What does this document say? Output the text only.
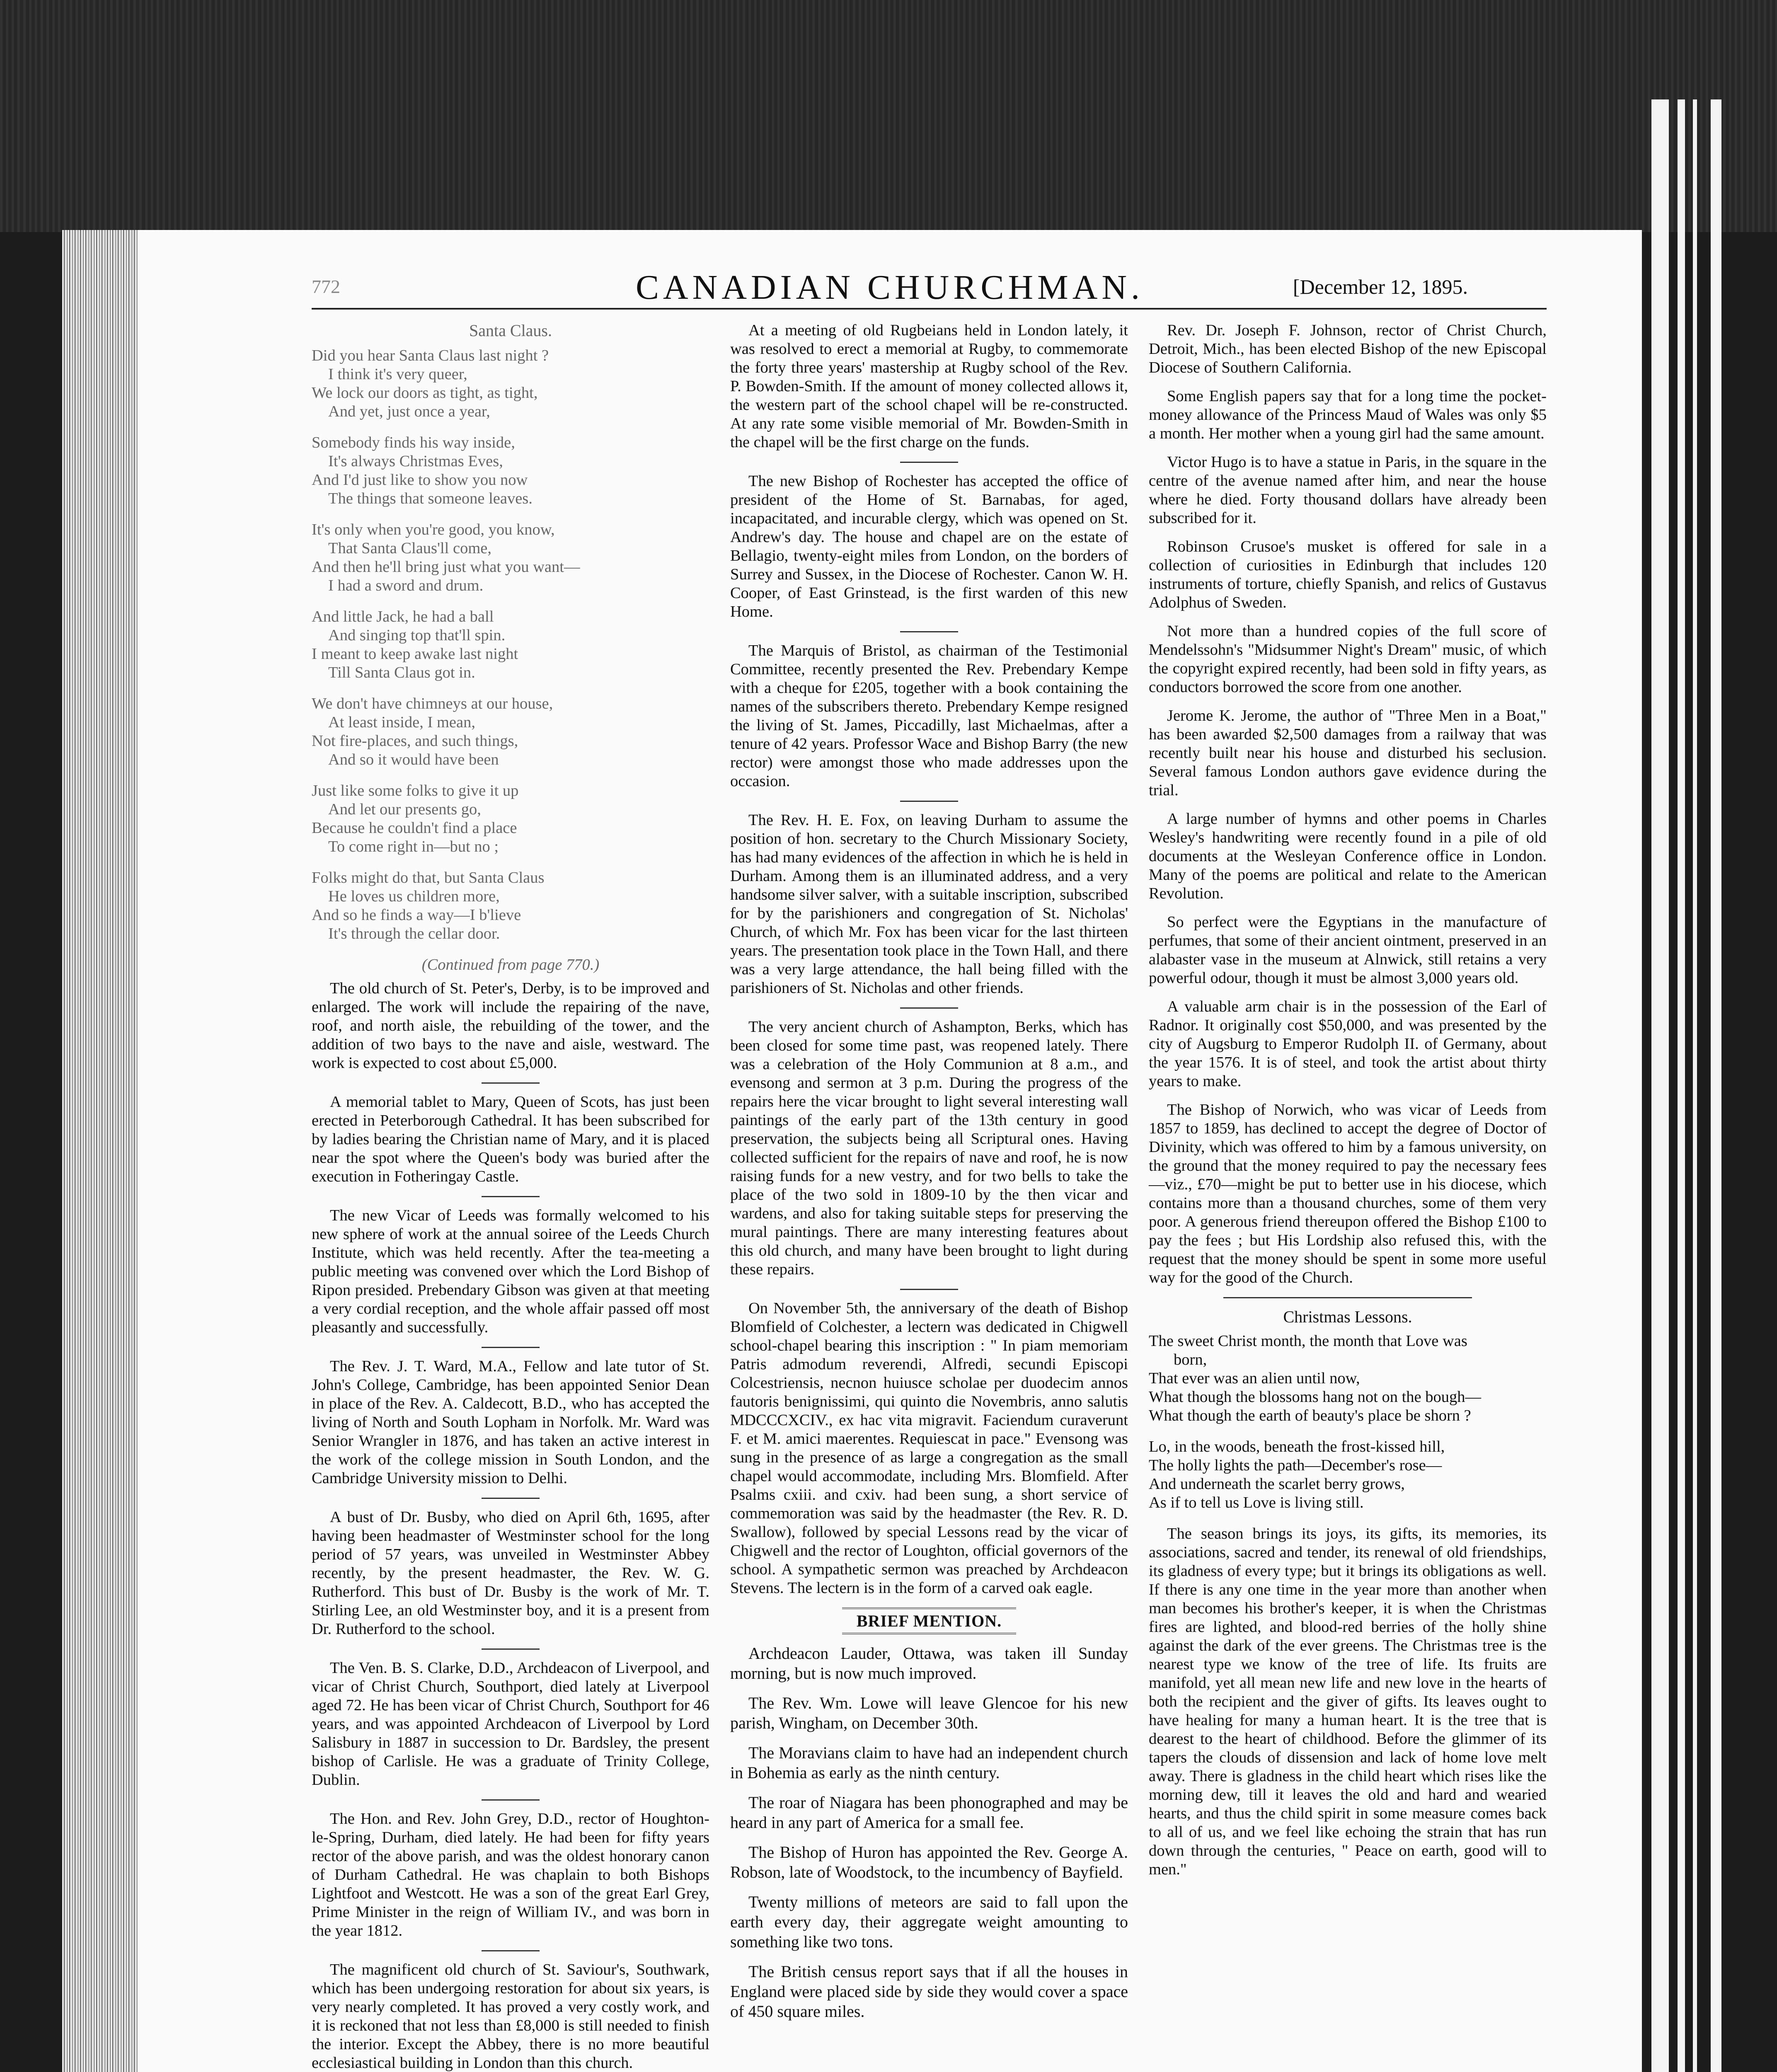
772	CANADIAN CHURCHMAN.	[December 12, 1895.
Santa Claus.
Did you hear Santa Claus last night ?
I think it's very queer,
We lock our doors as tight, as tight,
And yet, just once a year,
Somebody finds his way inside,
It's always Christmas Eves,
And I'd just like to show you now
The things that someone leaves.
It's only when you're good, you know,
That Santa Claus'll come,
And then he'll bring just what you want—
I had a sword and drum.
And little Jack, he had a ball
And singing top that'll spin.
I meant to keep awake last night
Till Santa Claus got in.
We don't have chimneys at our house,
At least inside, I mean,
Not fire-places, and such things,
And so it would have been
Just like some folks to give it up
And let our presents go,
Because he couldn't find a place
To come right in—but no ;
Folks might do that, but Santa Claus
He loves us children more,
And so he finds a way—I b'lieve
It's through the cellar door.
(Continued from page 770.)

The old church of St. Peter's, Derby, is to be improved and enlarged. The work will include the repairing of the nave, roof, and north aisle, the rebuilding of the tower, and the addition of two bays to the nave and aisle, westward. The work is expected to cost about £5,000.

A memorial tablet to Mary, Queen of Scots, has just been erected in Peterborough Cathedral. It has been subscribed for by ladies bearing the Christian name of Mary, and it is placed near the spot where the Queen's body was buried after the execution in Fotheringay Castle.

The new Vicar of Leeds was formally welcomed to his new sphere of work at the annual soiree of the Leeds Church Institute, which was held recently. After the tea-meeting a public meeting was convened over which the Lord Bishop of Ripon presided. Prebendary Gibson was given at that meeting a very cordial reception, and the whole affair passed off most pleasantly and successfully.

The Rev. J. T. Ward, M.A., Fellow and late tutor of St. John's College, Cambridge, has been appointed Senior Dean in place of the Rev. A. Caldecott, B.D., who has accepted the living of North and South Lopham in Norfolk. Mr. Ward was Senior Wrangler in 1876, and has taken an active interest in the work of the college mission in South London, and the Cambridge University mission to Delhi.

A bust of Dr. Busby, who died on April 6th, 1695, after having been headmaster of Westminster school for the long period of 57 years, was unveiled in Westminster Abbey recently, by the present headmaster, the Rev. W. G. Rutherford. This bust of Dr. Busby is the work of Mr. T. Stirling Lee, an old Westminster boy, and it is a present from Dr. Rutherford to the school.

The Ven. B. S. Clarke, D.D., Archdeacon of Liverpool, and vicar of Christ Church, Southport, died lately at Liverpool aged 72. He has been vicar of Christ Church, Southport for 46 years, and was appointed Archdeacon of Liverpool by Lord Salisbury in 1887 in succession to Dr. Bardsley, the present bishop of Carlisle. He was a graduate of Trinity College, Dublin.

The Hon. and Rev. John Grey, D.D., rector of Houghton-le-Spring, Durham, died lately. He had been for fifty years rector of the above parish, and was the oldest honorary canon of Durham Cathedral. He was chaplain to both Bishops Lightfoot and Westcott. He was a son of the great Earl Grey, Prime Minister in the reign of William IV., and was born in the year 1812.

The magnificent old church of St. Saviour's, Southwark, which has been undergoing restoration for about six years, is very nearly completed. It has proved a very costly work, and it is reckoned that not less than £8,000 is still needed to finish the interior. Except the Abbey, there is no more beautiful ecclesiastical building in London than this church.

At a meeting of old Rugbeians held in London lately, it was resolved to erect a memorial at Rugby, to commemorate the forty three years' mastership at Rugby school of the Rev. P. Bowden-Smith. If the amount of money collected allows it, the western part of the school chapel will be re-constructed. At any rate some visible memorial of Mr. Bowden-Smith in the chapel will be the first charge on the funds.

The new Bishop of Rochester has accepted the office of president of the Home of St. Barnabas, for aged, incapacitated, and incurable clergy, which was opened on St. Andrew's day. The house and chapel are on the estate of Bellagio, twenty-eight miles from London, on the borders of Surrey and Sussex, in the Diocese of Rochester. Canon W. H. Cooper, of East Grinstead, is the first warden of this new Home.

The Marquis of Bristol, as chairman of the Testimonial Committee, recently presented the Rev. Prebendary Kempe with a cheque for £205, together with a book containing the names of the subscribers thereto. Prebendary Kempe resigned the living of St. James, Piccadilly, last Michaelmas, after a tenure of 42 years. Professor Wace and Bishop Barry (the new rector) were amongst those who made addresses upon the occasion.

The Rev. H. E. Fox, on leaving Durham to assume the position of hon. secretary to the Church Missionary Society, has had many evidences of the affection in which he is held in Durham. Among them is an illuminated address, and a very handsome silver salver, with a suitable inscription, subscribed for by the parishioners and congregation of St. Nicholas' Church, of which Mr. Fox has been vicar for the last thirteen years. The presentation took place in the Town Hall, and there was a very large attendance, the hall being filled with the parishioners of St. Nicholas and other friends.

The very ancient church of Ashampton, Berks, which has been closed for some time past, was reopened lately. There was a celebration of the Holy Communion at 8 a.m., and evensong and sermon at 3 p.m. During the progress of the repairs here the vicar brought to light several interesting wall paintings of the early part of the 13th century in good preservation, the subjects being all Scriptural ones. Having collected sufficient for the repairs of nave and roof, he is now raising funds for a new vestry, and for two bells to take the place of the two sold in 1809-10 by the then vicar and wardens, and also for taking suitable steps for preserving the mural paintings. There are many interesting features about this old church, and many have been brought to light during these repairs.

On November 5th, the anniversary of the death of Bishop Blomfield of Colchester, a lectern was dedicated in Chigwell school-chapel bearing this inscription : " In piam memoriam Patris admodum reverendi, Alfredi, secundi Episcopi Colcestriensis, necnon huiusce scholae per duodecim annos fautoris benignissimi, qui quinto die Novembris, anno salutis MDCCCXCIV., ex hac vita migravit. Faciendum curaverunt F. et M. amici maerentes. Requiescat in pace." Evensong was sung in the presence of as large a congregation as the small chapel would accommodate, including Mrs. Blomfield. After Psalms cxiii. and cxiv. had been sung, a short service of commemoration was said by the headmaster (the Rev. R. D. Swallow), followed by special Lessons read by the vicar of Chigwell and the rector of Loughton, official governors of the school. A sympathetic sermon was preached by Archdeacon Stevens. The lectern is in the form of a carved oak eagle.

BRIEF MENTION.

Archdeacon Lauder, Ottawa, was taken ill Sunday morning, but is now much improved.

The Rev. Wm. Lowe will leave Glencoe for his new parish, Wingham, on December 30th.

The Moravians claim to have had an independent church in Bohemia as early as the ninth century.

The roar of Niagara has been phonographed and may be heard in any part of America for a small fee.

The Bishop of Huron has appointed the Rev. George A. Robson, late of Woodstock, to the incumbency of Bayfield.

Twenty millions of meteors are said to fall upon the earth every day, their aggregate weight amounting to something like two tons.

The British census report says that if all the houses in England were placed side by side they would cover a space of 450 square miles.

Rev. Dr. Joseph F. Johnson, rector of Christ Church, Detroit, Mich., has been elected Bishop of the new Episcopal Diocese of Southern California.

Some English papers say that for a long time the pocket-money allowance of the Princess Maud of Wales was only $5 a month. Her mother when a young girl had the same amount.

Victor Hugo is to have a statue in Paris, in the square in the centre of the avenue named after him, and near the house where he died. Forty thousand dollars have already been subscribed for it.

Robinson Crusoe's musket is offered for sale in a collection of curiosities in Edinburgh that includes 120 instruments of torture, chiefly Spanish, and relics of Gustavus Adolphus of Sweden.

Not more than a hundred copies of the full score of Mendelssohn's "Midsummer Night's Dream" music, of which the copyright expired recently, had been sold in fifty years, as conductors borrowed the score from one another.

Jerome K. Jerome, the author of "Three Men in a Boat," has been awarded $2,500 damages from a railway that was recently built near his house and disturbed his seclusion. Several famous London authors gave evidence during the trial.

A large number of hymns and other poems in Charles Wesley's handwriting were recently found in a pile of old documents at the Wesleyan Conference office in London. Many of the poems are political and relate to the American Revolution.

So perfect were the Egyptians in the manufacture of perfumes, that some of their ancient ointment, preserved in an alabaster vase in the museum at Alnwick, still retains a very powerful odour, though it must be almost 3,000 years old.

A valuable arm chair is in the possession of the Earl of Radnor. It originally cost $50,000, and was presented by the city of Augsburg to Emperor Rudolph II. of Germany, about the year 1576. It is of steel, and took the artist about thirty years to make.

The Bishop of Norwich, who was vicar of Leeds from 1857 to 1859, has declined to accept the degree of Doctor of Divinity, which was offered to him by a famous university, on the ground that the money required to pay the necessary fees—viz., £70—might be put to better use in his diocese, which contains more than a thousand churches, some of them very poor. A generous friend thereupon offered the Bishop £100 to pay the fees ; but His Lordship also refused this, with the request that the money should be spent in some more useful way for the good of the Church.

Christmas Lessons.
The sweet Christ month, the month that Love was
born,
That ever was an alien until now,
What though the blossoms hang not on the bough—
What though the earth of beauty's place be shorn ?
Lo, in the woods, beneath the frost-kissed hill,
The holly lights the path—December's rose—
And underneath the scarlet berry grows,
As if to tell us Love is living still.

The season brings its joys, its gifts, its memories, its associations, sacred and tender, its renewal of old friendships, its gladness of every type; but it brings its obligations as well. If there is any one time in the year more than another when man becomes his brother's keeper, it is when the Christmas fires are lighted, and blood-red berries of the holly shine against the dark of the ever greens. The Christmas tree is the nearest type we know of the tree of life. Its fruits are manifold, yet all mean new life and new love in the hearts of both the recipient and the giver of gifts. Its leaves ought to have healing for many a human heart. It is the tree that is dearest to the heart of childhood. Before the glimmer of its tapers the clouds of dissension and lack of home love melt away. There is gladness in the child heart which rises like the morning dew, till it leaves the old and hard and wearied hearts, and thus the child spirit in some measure comes back to all of us, and we feel like echoing the strain that has run down through the centuries, " Peace on earth, good will to men."
